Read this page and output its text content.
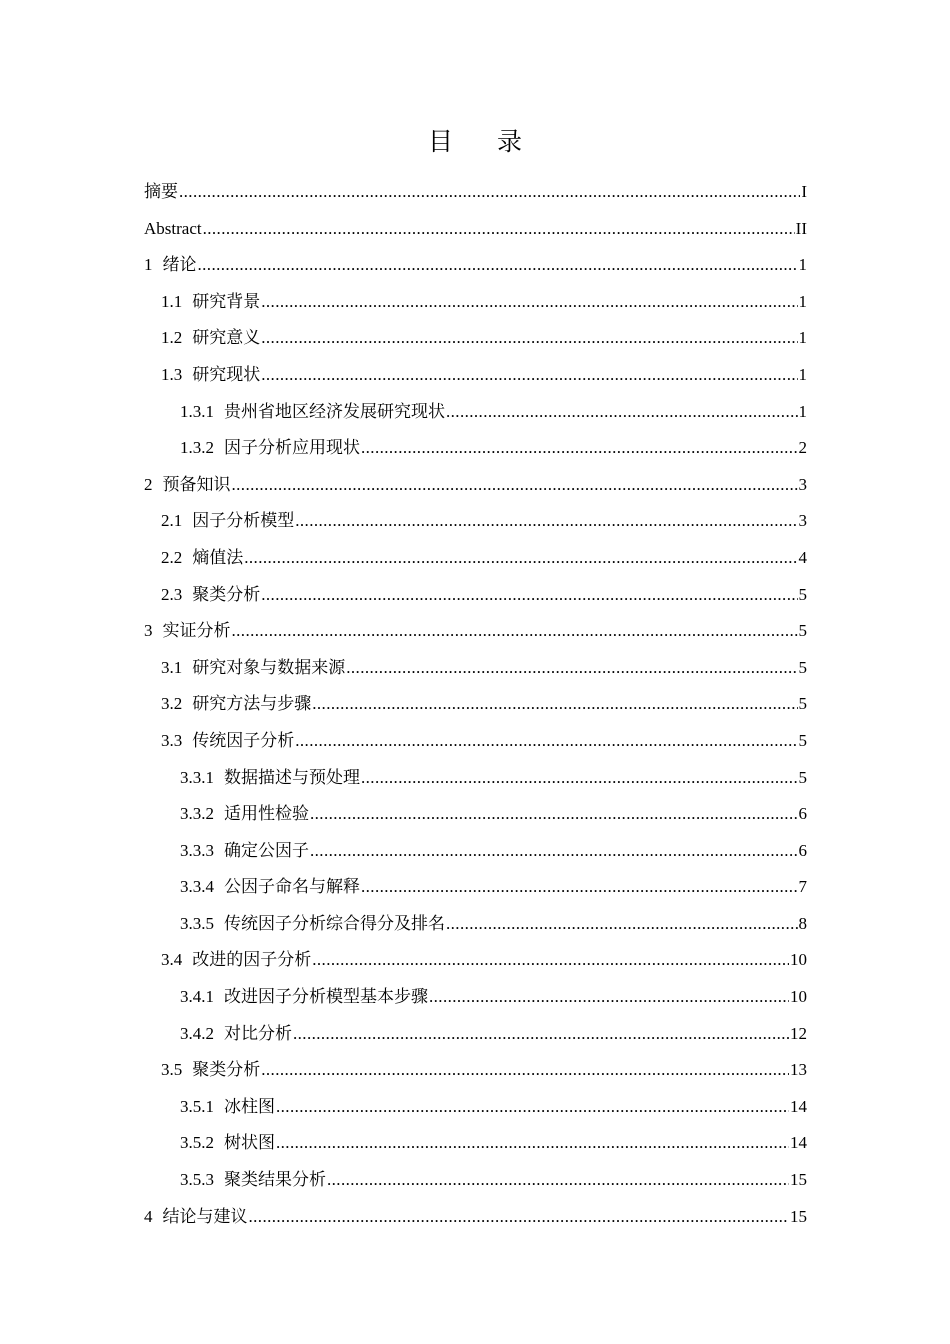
目 录
摘要 .....	I
Abstract .....	II
1 绪论 .....	1
1.1 研究背景 .....	1
1.2 研究意义 .....	1
1.3 研究现状 .....	1
1.3.1 贵州省地区经济发展研究现状 .....	1
1.3.2 因子分析应用现状 .....	2
2 预备知识 .....	3
2.1 因子分析模型 .....	3
2.2 熵值法 .....	4
2.3 聚类分析 .....	5
3 实证分析 .....	5
3.1 研究对象与数据来源 .....	5
3.2 研究方法与步骤 .....	5
3.3 传统因子分析 .....	5
3.3.1 数据描述与预处理 .....	5
3.3.2 适用性检验 .....	6
3.3.3 确定公因子 .....	6
3.3.4 公因子命名与解释 .....	7
3.3.5 传统因子分析综合得分及排名 .....	8
3.4 改进的因子分析 .....	10
3.4.1 改进因子分析模型基本步骤 .....	10
3.4.2 对比分析 .....	12
3.5 聚类分析 .....	13
3.5.1 冰柱图 .....	14
3.5.2 树状图 .....	14
3.5.3 聚类结果分析 .....	15
4 结论与建议 .....	15
